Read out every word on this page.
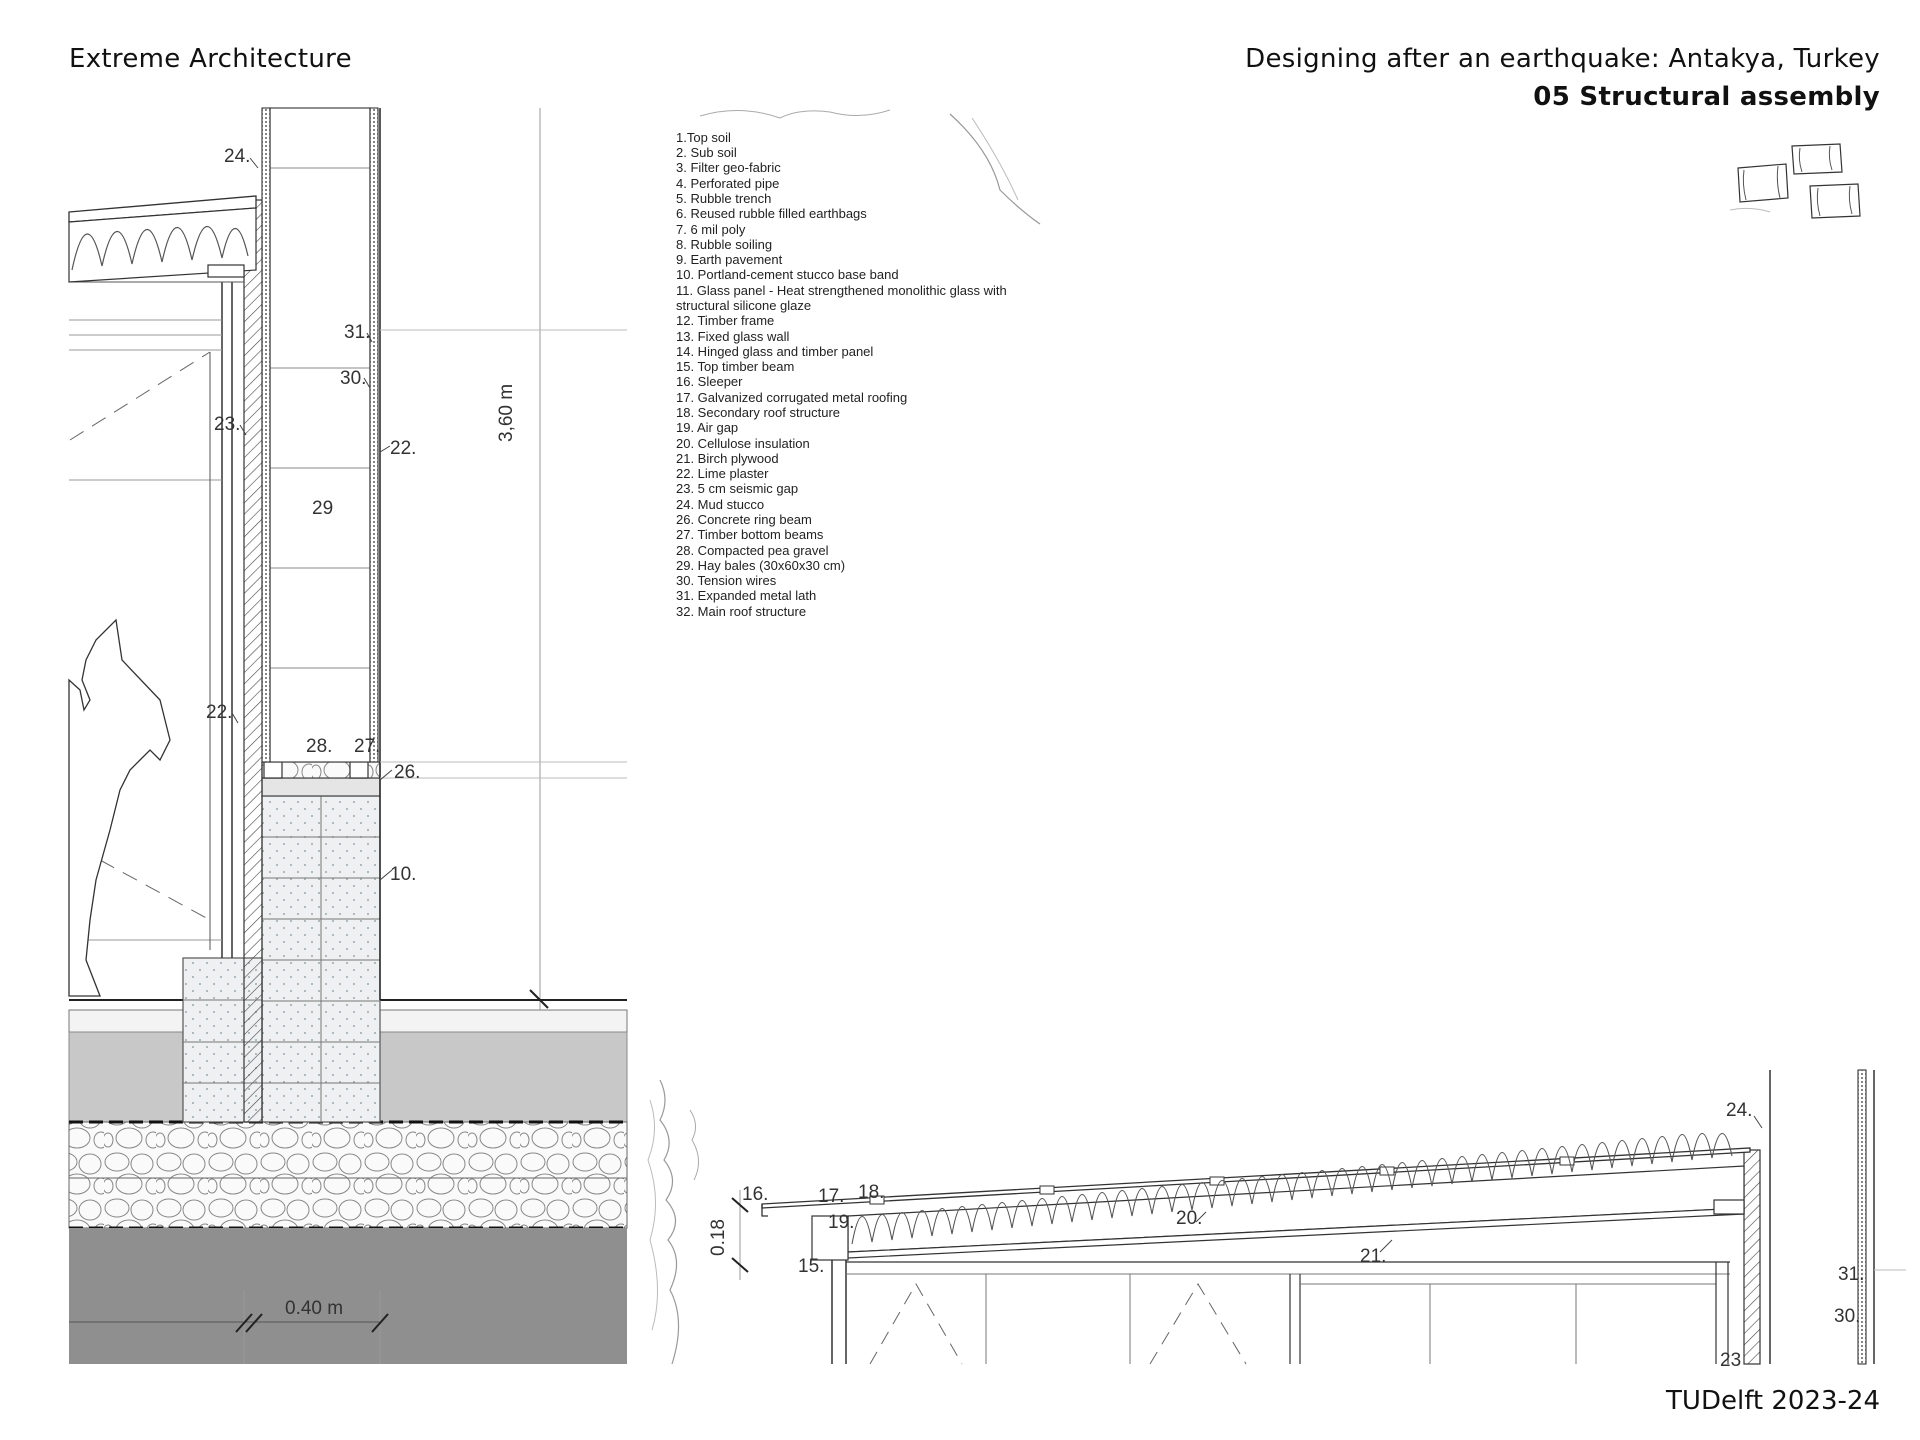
Extreme Architecture	Designing after an earthquake: Antakya, Turkey
05 Structural assembly
TUDelft 2023-24
24.
31.
30.
23.
22.
29
22.
28. 27.
26.
10.
3,60 m
0.40 m
1.Top soil
2. Sub soil
3. Filter geo-fabric
4. Perforated pipe
5. Rubble trench
6. Reused rubble filled earthbags
7. 6 mil poly
8. Rubble soiling
9. Earth pavement
10. Portland-cement stucco base band
11. Glass panel - Heat strengthened monolithic glass with
structural silicone glaze
12. Timber frame
13. Fixed glass wall
14. Hinged glass and timber panel
15. Top timber beam
16. Sleeper
17. Galvanized corrugated metal roofing
18. Secondary roof structure
19. Air gap
20. Cellulose insulation
21. Birch plywood
22. Lime plaster
23. 5 cm seismic gap
24. Mud stucco
26. Concrete ring beam
27. Timber bottom beams
28. Compacted pea gravel
29. Hay bales (30x60x30 cm)
30. Tension wires
31. Expanded metal lath
32. Main roof structure
16.	17. 18.
19.
15.
20.
21.
24.
31.
30.
23
0.18
